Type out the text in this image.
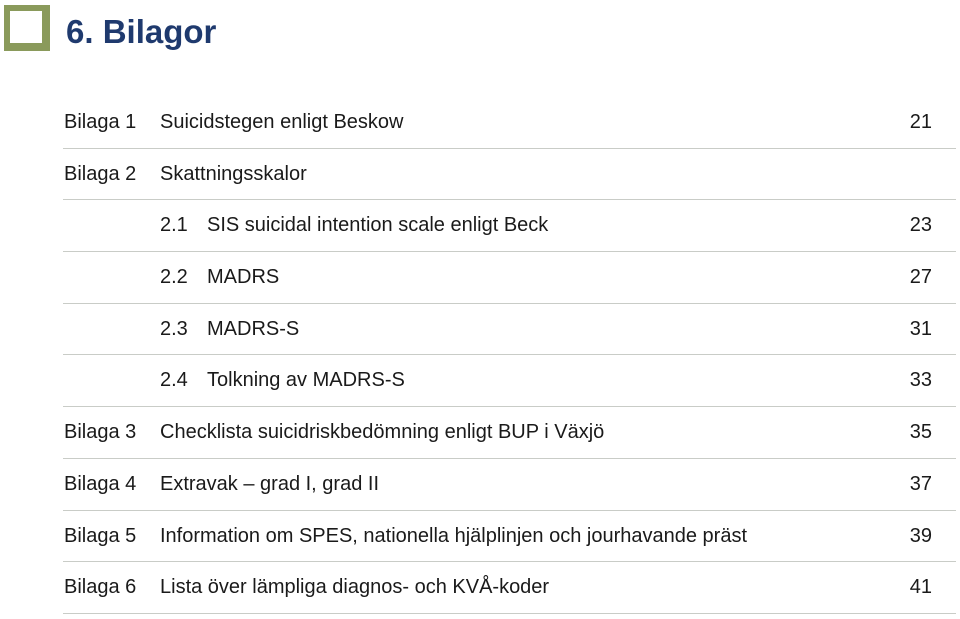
6. Bilagor
Bilaga 1 Suicidstegen enligt Beskow	21
Bilaga 2 Skattningsskalor
2.1 SIS suicidal intention scale enligt Beck	23
2.2 MADRS	27
2.3 MADRS-S	31
2.4 Tolkning av MADRS-S	33
Bilaga 3 Checklista suicidriskbedömning enligt BUP i Växjö	35
Bilaga 4 Extravak – grad I, grad II	37
Bilaga 5 Information om SPES, nationella hjälplinjen och jourhavande präst	39
Bilaga 6 Lista över lämpliga diagnos- och KVÅ-koder	41
